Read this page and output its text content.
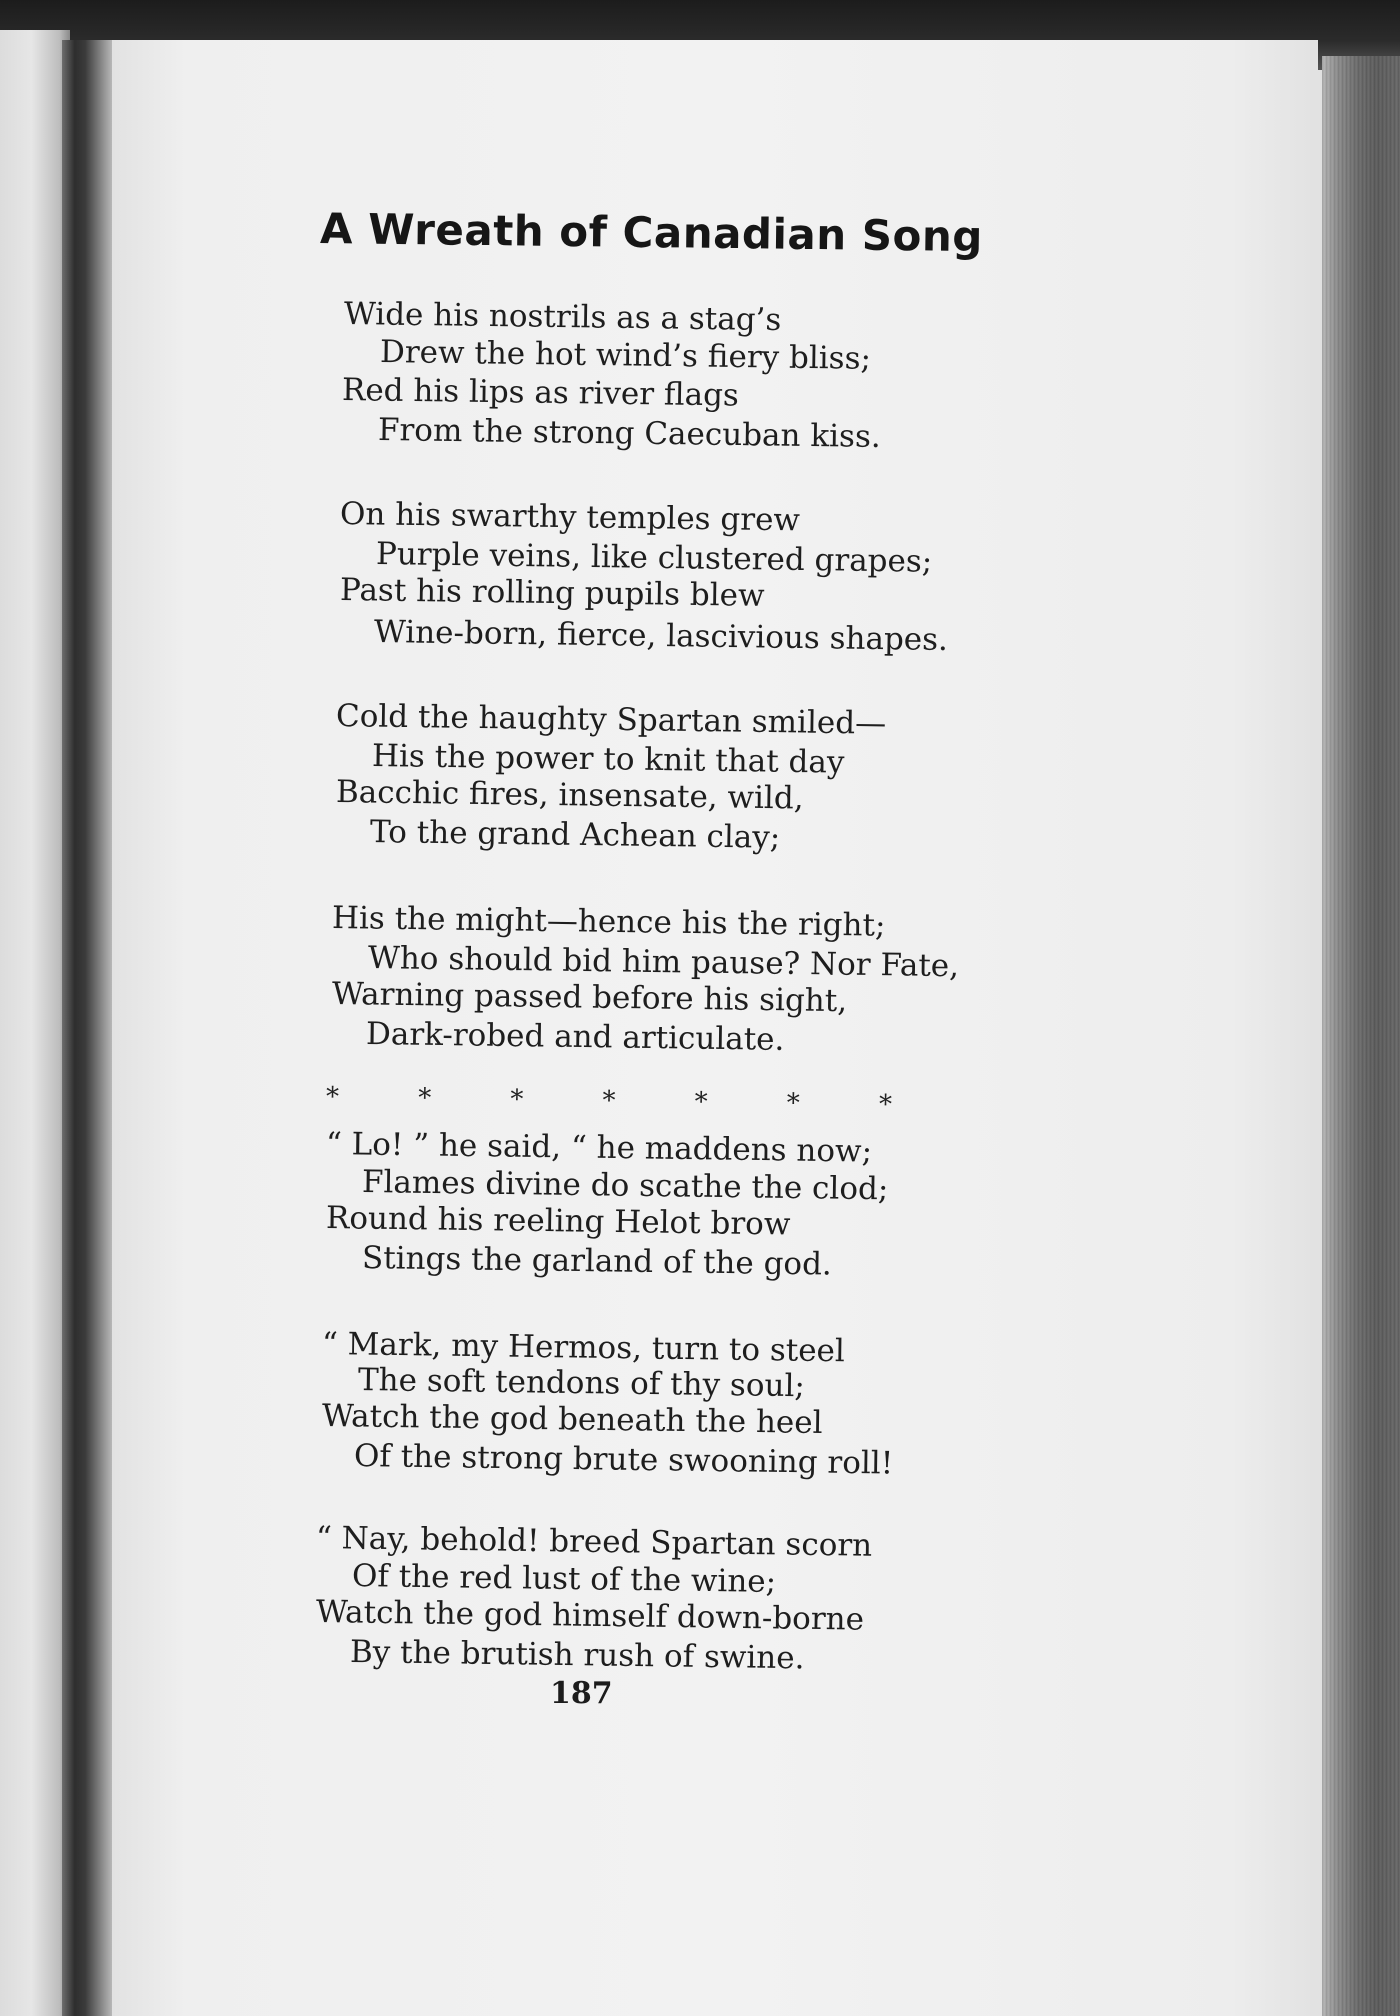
A Wreath of Canadian Song
Wide his nostrils as a stag’s
Drew the hot wind’s fiery bliss;
Red his lips as river flags
From the strong Caecuban kiss.
On his swarthy temples grew
Purple veins, like clustered grapes;
Past his rolling pupils blew
Wine-born, fierce, lascivious shapes.
Cold the haughty Spartan smiled—
His the power to knit that day
Bacchic fires, insensate, wild,
To the grand Achean clay;
His the might—hence his the right;
Who should bid him pause? Nor Fate,
Warning passed before his sight,
Dark-robed and articulate.
*	*	*	*	*	*	*
“ Lo! ” he said, “ he maddens now;
Flames divine do scathe the clod;
Round his reeling Helot brow
Stings the garland of the god.
“ Mark, my Hermos, turn to steel
The soft tendons of thy soul;
Watch the god beneath the heel
Of the strong brute swooning roll!
“ Nay, behold! breed Spartan scorn
Of the red lust of the wine;
Watch the god himself down-borne
By the brutish rush of swine.
187
